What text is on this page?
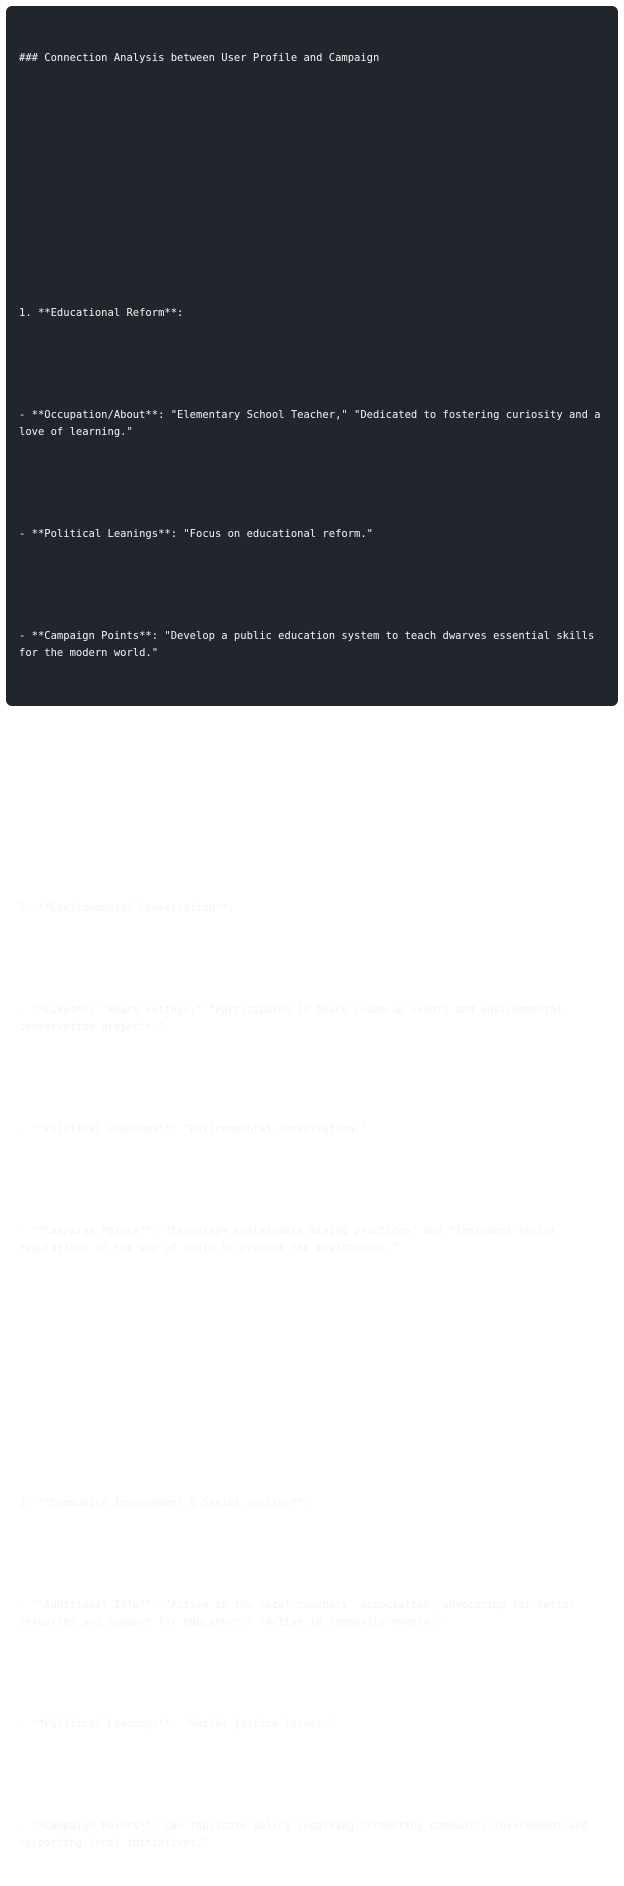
### Connection Analysis between User Profile and Campaign

1. **Educational Reform**:

- **Occupation/About**: "Elementary School Teacher," "Dedicated to fostering curiosity and a love of learning."

- **Political Leanings**: "Focus on educational reform."

- **Campaign Points**: "Develop a public education system to teach dwarves essential skills for the modern world."

2. **Environmental Conservation**:

- **Likes**: "Beach outings," "Participates in beach clean-up events and environmental conservation projects."

- **Political Leanings**: "Environmental conservation."

- **Campaign Points**: "Encourage sustainable mining practices" and "Implement strict regulations on the use of magic to protect the environment."

3. **Community Involvement & Social Justice**:

- **Additional Info**: "Active in the local teachers' association, advocating for better resources and support for educators," "Active in community events."

- **Political Leanings**: "Social justice issues."

- **Campaign Points**: Can fabricate policy regarding "Promoting community involvement and supporting local initiatives."
